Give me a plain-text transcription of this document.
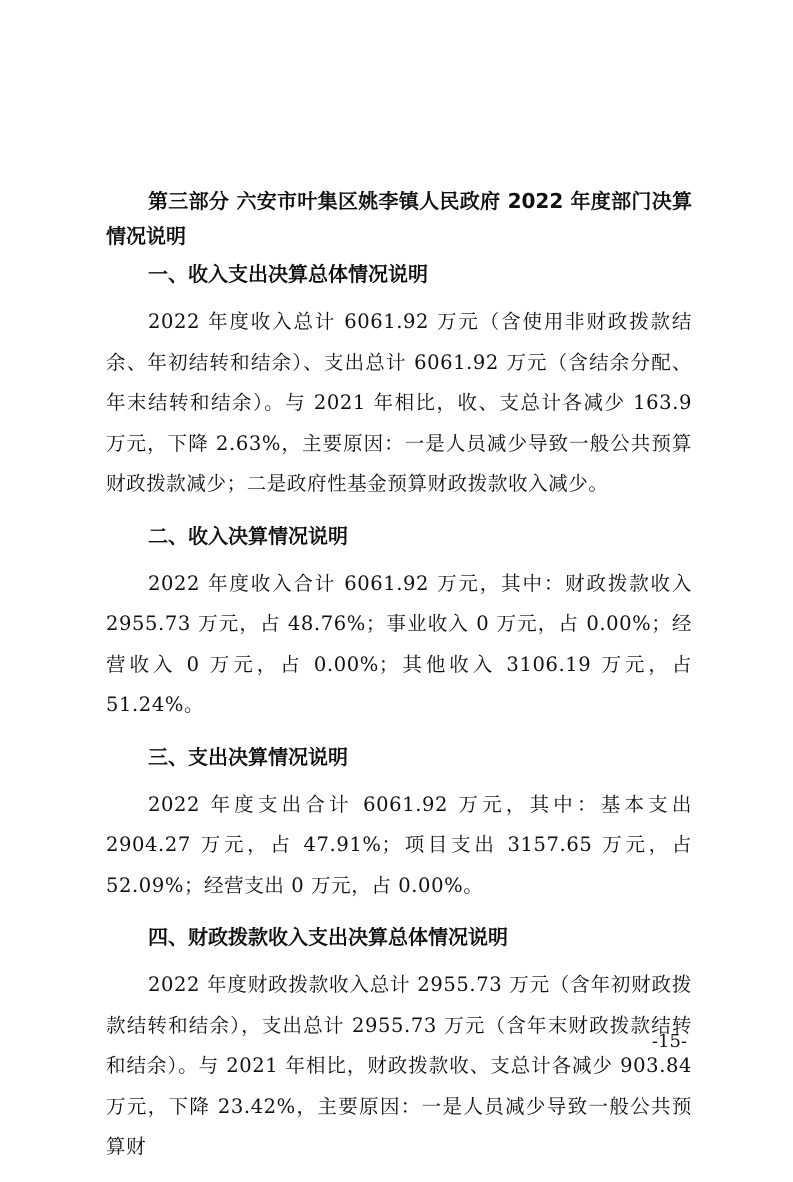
第三部分 六安市叶集区姚李镇人民政府 2022 年度部门决算情况说明

一、收入支出决算总体情况说明

2022 年度收入总计 6061.92 万元（含使用非财政拨款结余、年初结转和结余）、支出总计 6061.92 万元（含结余分配、年末结转和结余）。与 2021 年相比，收、支总计各减少 163.9 万元，下降 2.63%，主要原因：一是人员减少导致一般公共预算财政拨款减少；二是政府性基金预算财政拨款收入减少。

二、收入决算情况说明

2022 年度收入合计 6061.92 万元，其中：财政拨款收入 2955.73 万元，占 48.76%；事业收入 0 万元，占 0.00%；经营收入 0 万元，占 0.00%；其他收入 3106.19 万元，占 51.24%。

三、支出决算情况说明

2022 年度支出合计 6061.92 万元，其中：基本支出 2904.27 万元，占 47.91%；项目支出 3157.65 万元，占 52.09%；经营支出 0 万元，占 0.00%。

四、财政拨款收入支出决算总体情况说明

2022 年度财政拨款收入总计 2955.73 万元（含年初财政拨款结转和结余），支出总计 2955.73 万元（含年末财政拨款结转和结余）。与 2021 年相比，财政拨款收、支总计各减少 903.84 万元，下降 23.42%，主要原因：一是人员减少导致一般公共预算财

-15-
